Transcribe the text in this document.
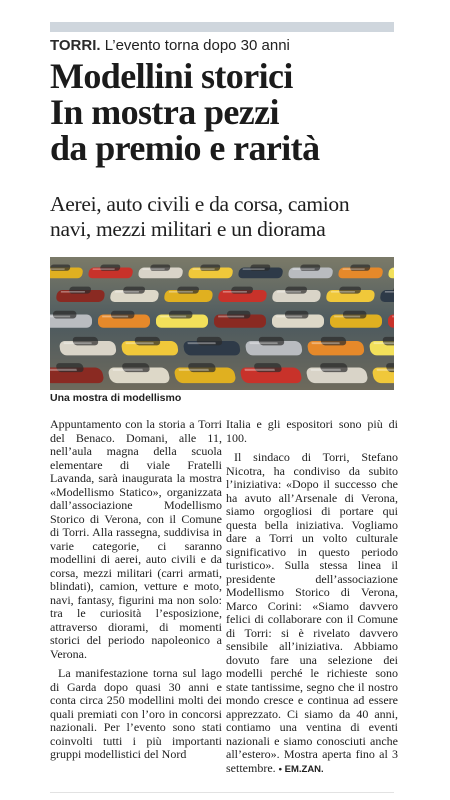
TORRI. L’evento torna dopo 30 anni
Modellini storici
In mostra pezzi
da premio e rarità
Aerei, auto civili e da corsa, camion
navi, mezzi militari e un diorama
Una mostra di modellismo

Appuntamento con la storia a Torri del Benaco. Domani, alle 11, nell’aula magna della scuola elementare di viale Fratelli Lavanda, sarà inaugurata la mostra «Modellismo Statico», organizzata dall’associazione Modellismo Storico di Verona, con il Comune di Torri. Alla rassegna, suddivisa in varie categorie, ci saranno modellini di aerei, auto civili e da corsa, mezzi militari (carri armati, blindati), camion, vetture e moto, navi, fantasy, figurini ma non solo: tra le curiosità l’esposizione, attraverso diorami, di momenti storici del periodo napoleonico a Verona.

La manifestazione torna sul lago di Garda dopo quasi 30 anni e conta circa 250 modellini molti dei quali premiati con l’oro in concorsi nazionali. Per l’evento sono stati coinvolti tutti i più importanti gruppi modellistici del Nord

Italia e gli espositori sono più di 100.

Il sindaco di Torri, Stefano Nicotra, ha condiviso da subito l’iniziativa: «Dopo il successo che ha avuto all’Arsenale di Verona, siamo orgogliosi di portare qui questa bella iniziativa. Vogliamo dare a Torri un volto culturale significativo in questo periodo turistico». Sulla stessa linea il presidente dell’associazione Modellismo Storico di Verona, Marco Corini: «Siamo davvero felici di collaborare con il Comune di Torri: si è rivelato davvero sensibile all’iniziativa. Abbiamo dovuto fare una selezione dei modelli perché le richieste sono state tantissime, segno che il nostro mondo cresce e continua ad essere apprezzato. Ci siamo da 40 anni, contiamo una ventina di eventi nazionali e siamo conosciuti anche all’estero». Mostra aperta fino al 3 settembre. • EM.ZAN.
